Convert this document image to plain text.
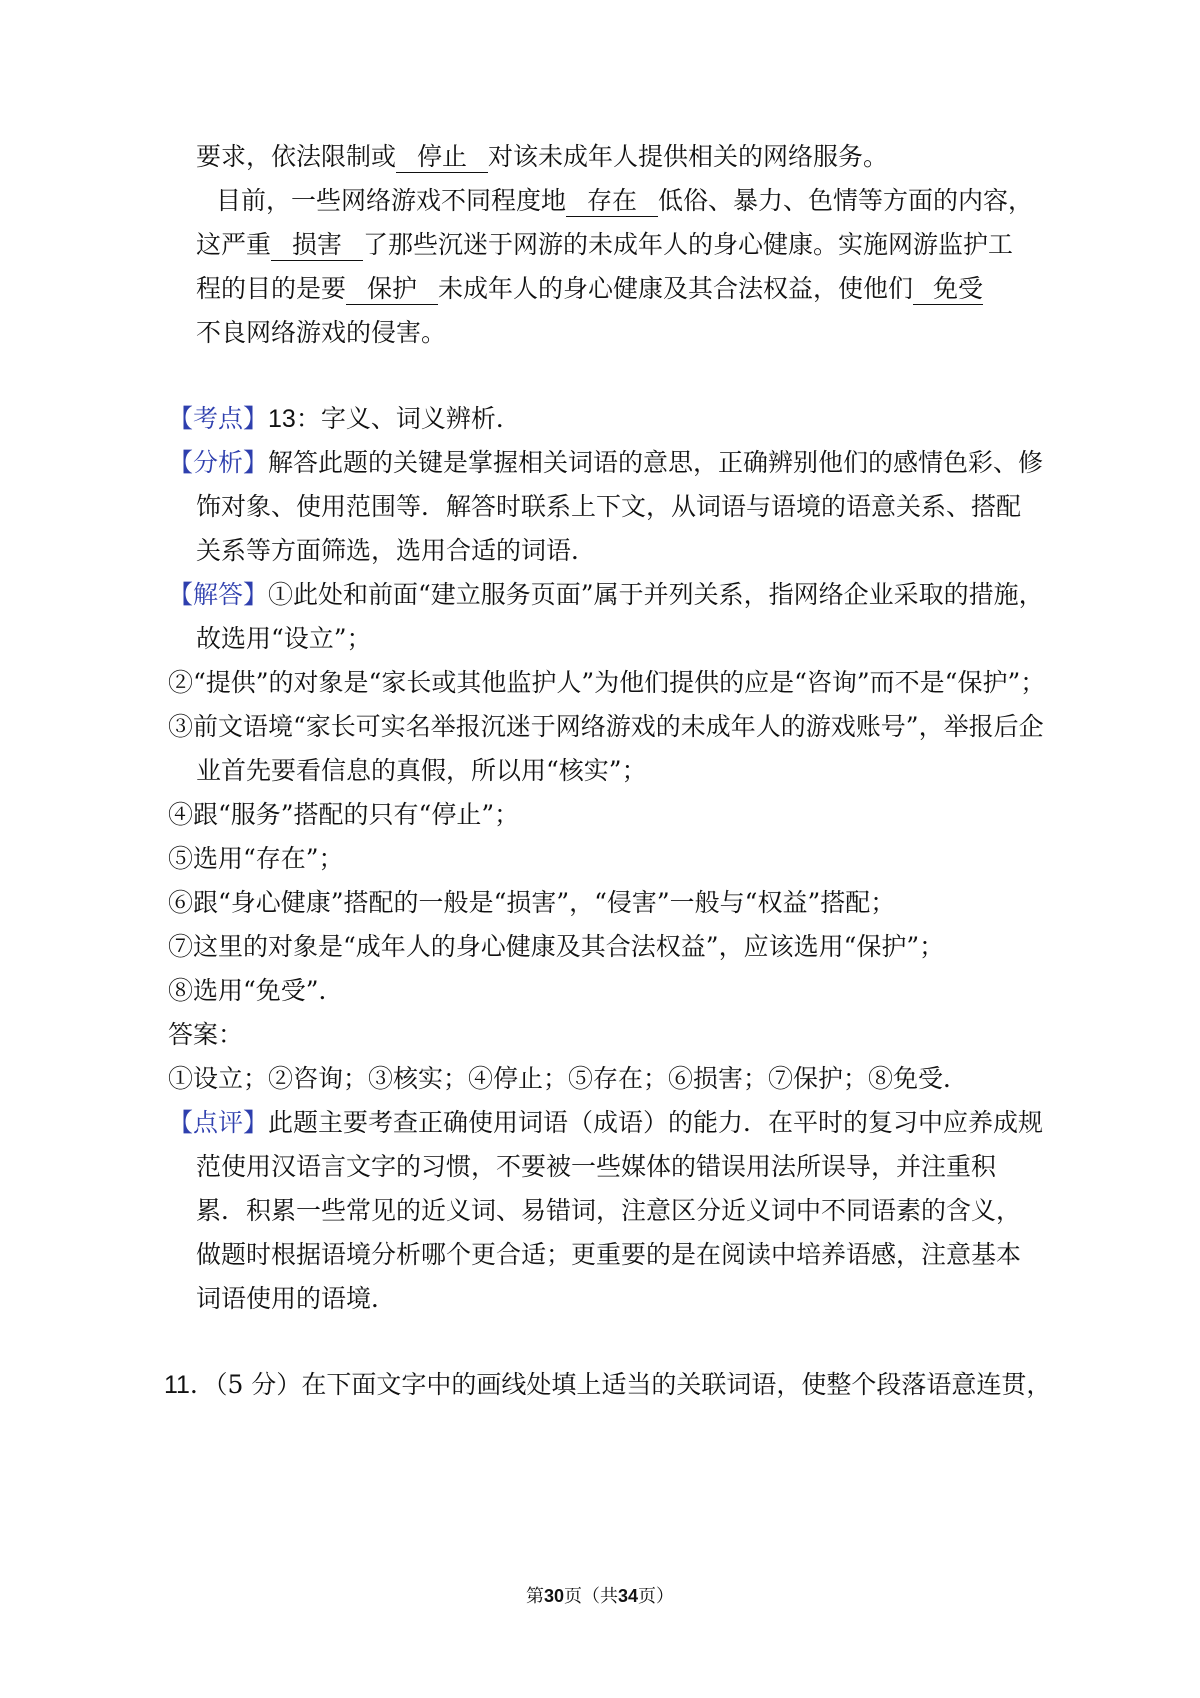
要求，依法限制或 停止 对该未成年人提供相关的网络服务。
目前，一些网络游戏不同程度地 存在 低俗、暴力、色情等方面的内容，
这严重 损害 了那些沉迷于网游的未成年人的身心健康。实施网游监护工
程的目的是要 保护 未成年人的身心健康及其合法权益，使他们 免受
不良网络游戏的侵害。
【考点】13：字义、词义辨析．
【分析】解答此题的关键是掌握相关词语的意思，正确辨别他们的感情色彩、修
饰对象、使用范围等．解答时联系上下文，从词语与语境的语意关系、搭配
关系等方面筛选，选用合适的词语．
【解答】①此处和前面“建立服务页面”属于并列关系，指网络企业采取的措施，
故选用“设立”；
②“提供”的对象是“家长或其他监护人”为他们提供的应是“咨询”而不是“保护”；
③前文语境“家长可实名举报沉迷于网络游戏的未成年人的游戏账号”，举报后企
业首先要看信息的真假，所以用“核实”；
④跟“服务”搭配的只有“停止”；
⑤选用“存在”；
⑥跟“身心健康”搭配的一般是“损害”，“侵害”一般与“权益”搭配；
⑦这里的对象是“成年人的身心健康及其合法权益”，应该选用“保护”；
⑧选用“免受”．
答案：
①设立；②咨询；③核实；④停止；⑤存在；⑥损害；⑦保护；⑧免受．
【点评】此题主要考查正确使用词语（成语）的能力．在平时的复习中应养成规
范使用汉语言文字的习惯，不要被一些媒体的错误用法所误导，并注重积
累．积累一些常见的近义词、易错词，注意区分近义词中不同语素的含义，
做题时根据语境分析哪个更合适；更重要的是在阅读中培养语感，注意基本
词语使用的语境．
11．（5 分）在下面文字中的画线处填上适当的关联词语，使整个段落语意连贯，
第30页（共34页）
